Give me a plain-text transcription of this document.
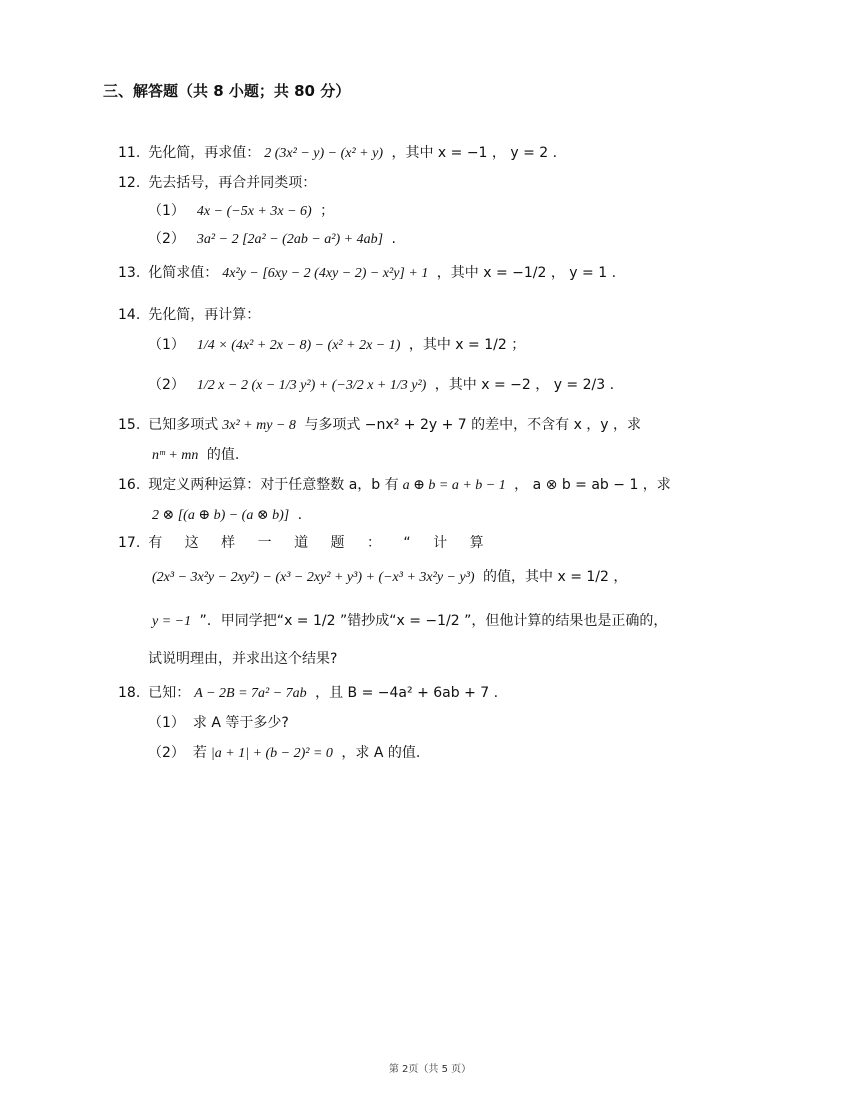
三、解答题（共 8 小题；共 80 分）
11. 先化简，再求值： 2 (3x² − y) − (x² + y) ，其中 x = −1 ， y = 2 .
12. 先去括号，再合并同类项：
（1） 4x − (−5x + 3x − 6) ；
（2） 3a² − 2 [2a² − (2ab − a²) + 4ab] .
13. 化简求值： 4x²y − [6xy − 2 (4xy − 2) − x²y] + 1 ，其中 x = −1/2 ， y = 1 .
14. 先化简，再计算：
（1） 1/4 × (4x² + 2x − 8) − (x² + 2x − 1) ，其中 x = 1/2 ；
（2） 1/2 x − 2 (x − 1/3 y²) + (−3/2 x + 1/3 y²) ，其中 x = −2 ， y = 2/3 .
15. 已知多项式 3x² + my − 8 与多项式 −nx² + 2y + 7 的差中，不含有 x ，y ，求
nᵐ + mn 的值.
16. 现定义两种运算：对于任意整数 a，b 有 a ⊕ b = a + b − 1 ， a ⊗ b = ab − 1 ，求
2 ⊗ [(a ⊕ b) − (a ⊗ b)] .
17. 有 这 样 一 道 题 ： “ 计 算
(2x³ − 3x²y − 2xy²) − (x³ − 2xy² + y³) + (−x³ + 3x²y − y³) 的值，其中 x = 1/2 ，
y = −1 ”．甲同学把“x = 1/2 ”错抄成“x = −1/2 ”，但他计算的结果也是正确的，
试说明理由，并求出这个结果?
18. 已知： A − 2B = 7a² − 7ab ，且 B = −4a² + 6ab + 7 .
（1） 求 A 等于多少?
（2） 若 |a + 1| + (b − 2)² = 0 ，求 A 的值.
第 2页（共 5 页）
